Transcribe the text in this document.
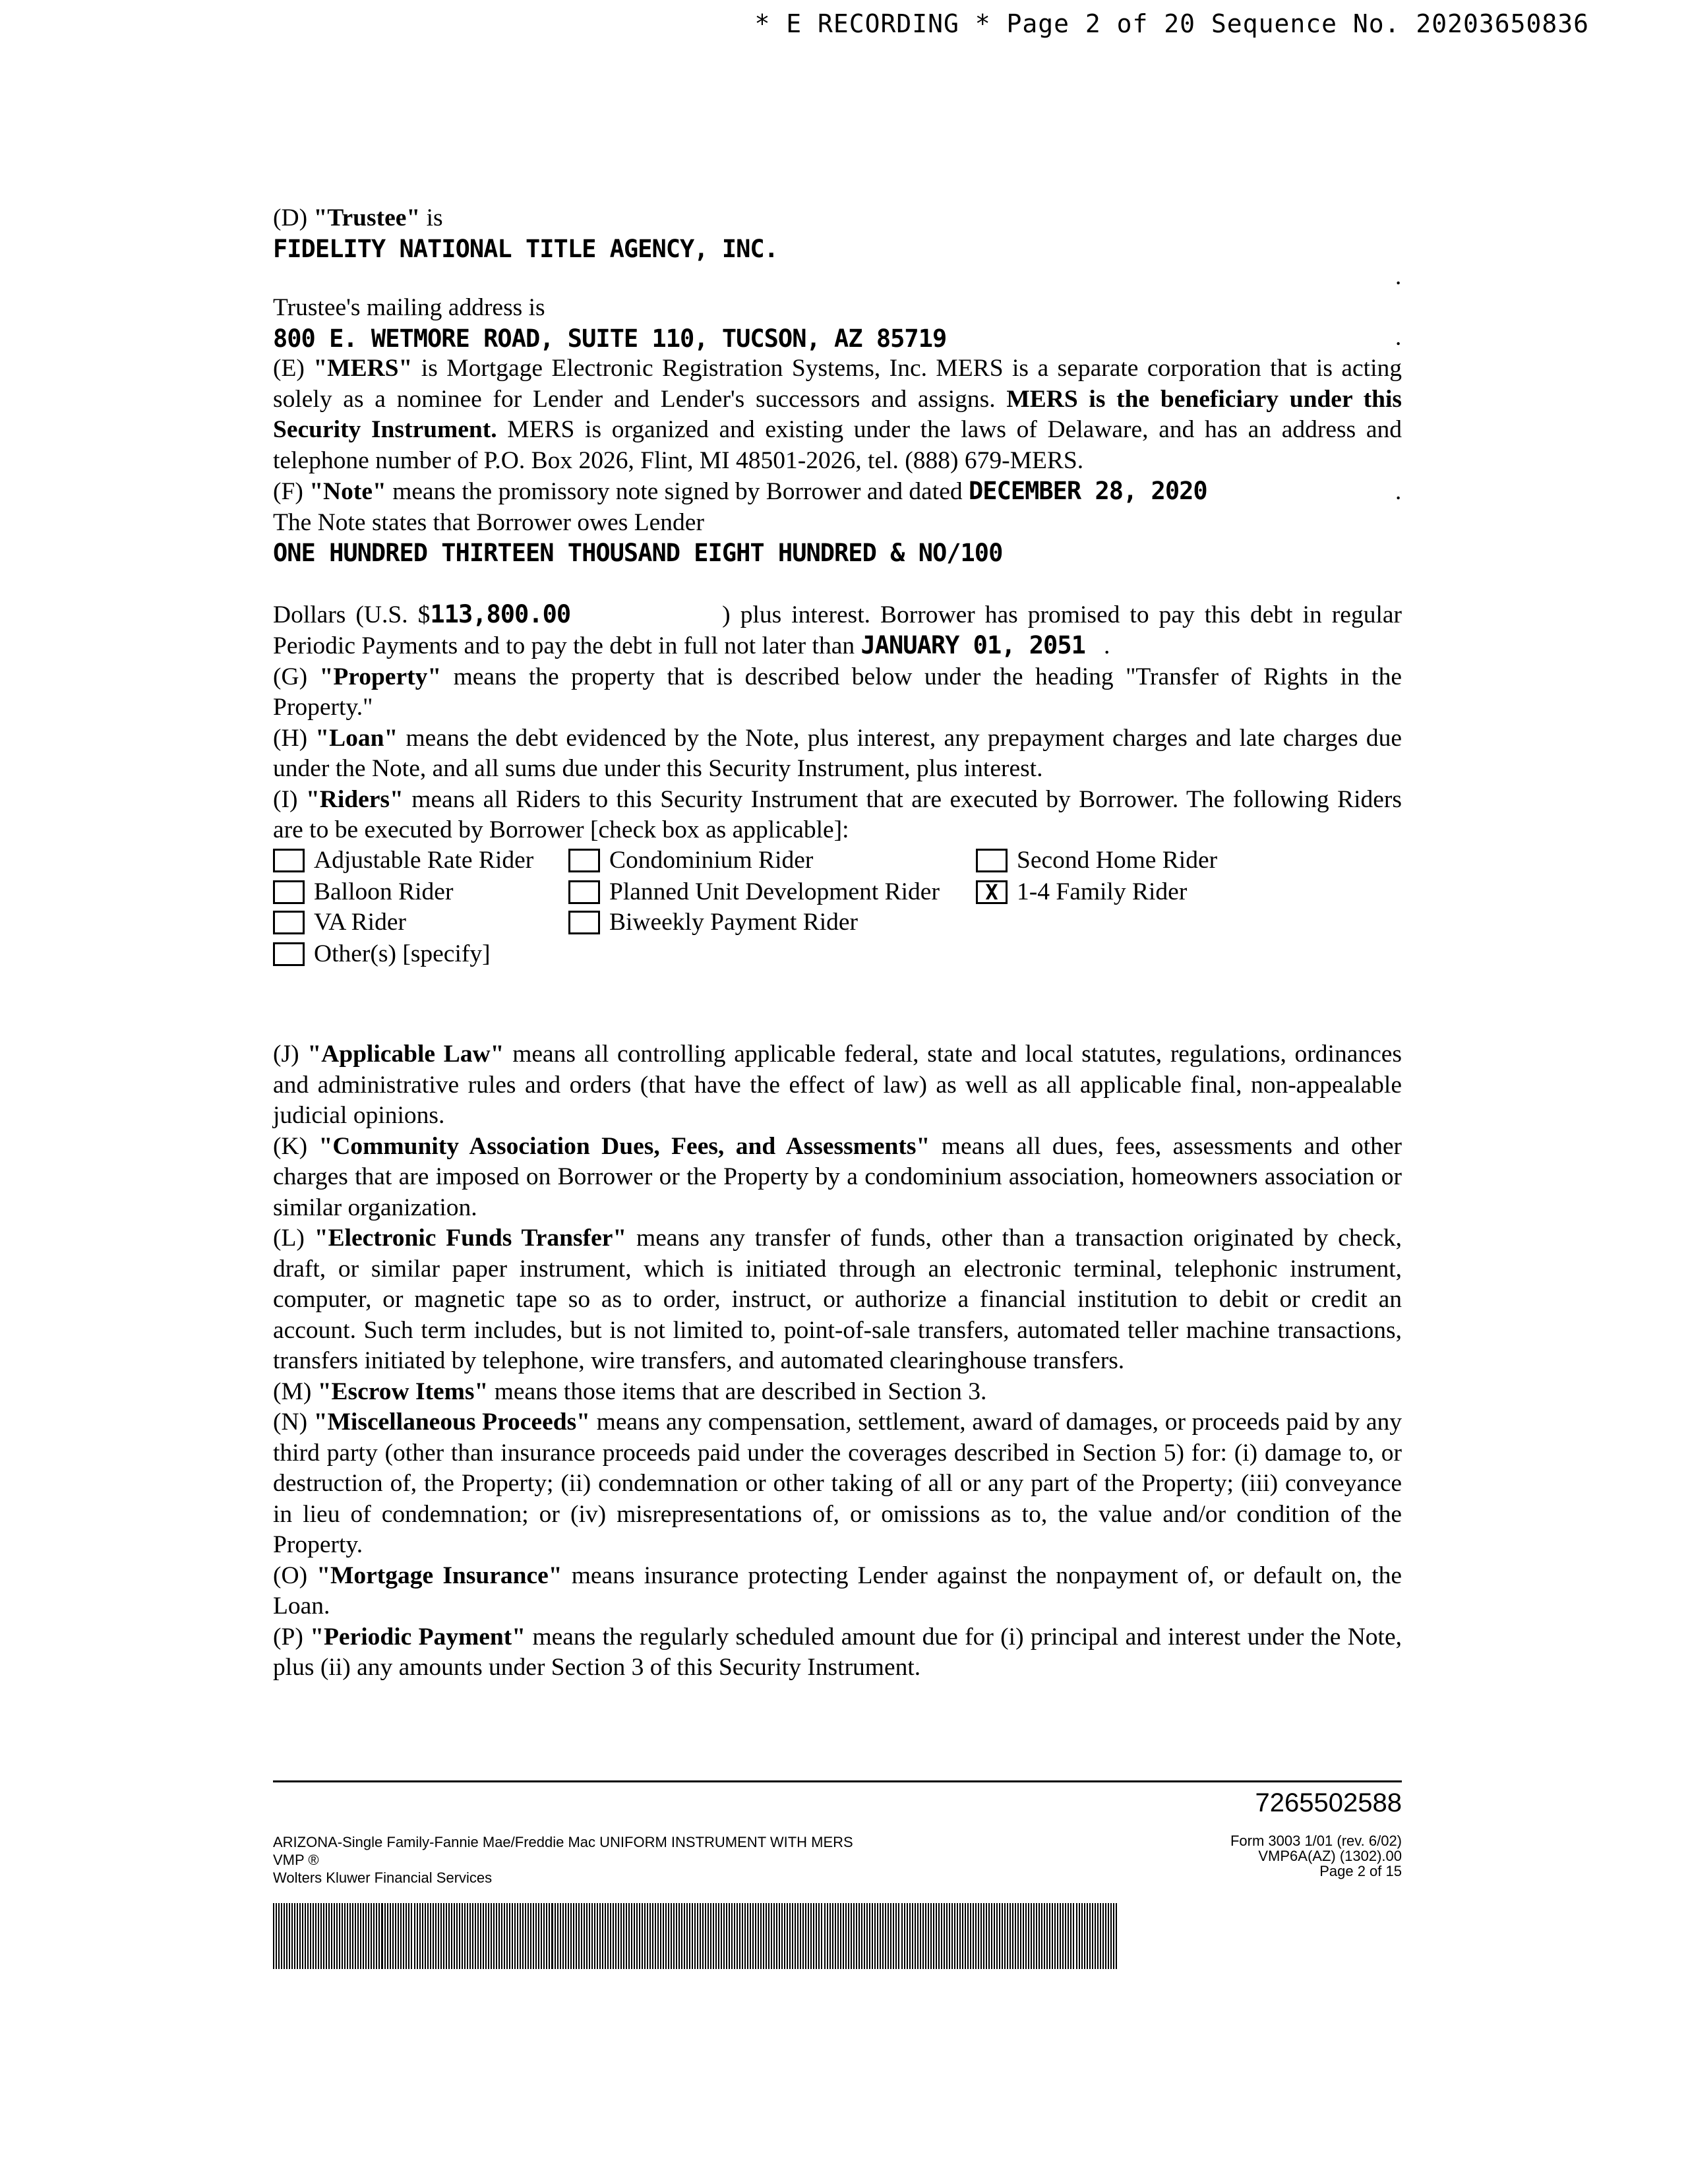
* E RECORDING * Page 2 of 20 Sequence No. 20203650836

(D) "Trustee" is

FIDELITY NATIONAL TITLE AGENCY, INC.

.

Trustee's mailing address is

800 E. WETMORE ROAD, SUITE 110, TUCSON, AZ 85719	.

(E) "MERS" is Mortgage Electronic Registration Systems, Inc. MERS is a separate corporation that is acting solely as a nominee for Lender and Lender's successors and assigns. MERS is the beneficiary under this Security Instrument. MERS is organized and existing under the laws of Delaware, and has an address and telephone number of P.O. Box 2026, Flint, MI 48501-2026, tel. (888) 679-MERS.

(F) "Note" means the promissory note signed by Borrower and dated DECEMBER 28, 2020

The Note states that Borrower owes Lender

ONE HUNDRED THIRTEEN THOUSAND EIGHT HUNDRED & NO/100

Dollars (U.S. $113,800.00	) plus interest. Borrower has promised to pay this debt in regular Periodic Payments and to pay the debt in full not later than JANUARY 01, 2051   .

(G) "Property" means the property that is described below under the heading "Transfer of Rights in the Property."

(H) "Loan" means the debt evidenced by the Note, plus interest, any prepayment charges and late charges due under the Note, and all sums due under this Security Instrument, plus interest.

(I) "Riders" means all Riders to this Security Instrument that are executed by Borrower. The following Riders are to be executed by Borrower [check box as applicable]:

.
Adjustable Rate Rider
Balloon Rider
VA Rider
Other(s) [specify]
Condominium Rider
Planned Unit Development Rider
Biweekly Payment Rider
Second Home Rider
X 1-4 Family Rider

(J) "Applicable Law" means all controlling applicable federal, state and local statutes, regulations, ordinances and administrative rules and orders (that have the effect of law) as well as all applicable final, non-appealable judicial opinions.

(K) "Community Association Dues, Fees, and Assessments" means all dues, fees, assessments and other charges that are imposed on Borrower or the Property by a condominium association, homeowners association or similar organization.

(L) "Electronic Funds Transfer" means any transfer of funds, other than a transaction originated by check, draft, or similar paper instrument, which is initiated through an electronic terminal, telephonic instrument, computer, or magnetic tape so as to order, instruct, or authorize a financial institution to debit or credit an account. Such term includes, but is not limited to, point-of-sale transfers, automated teller machine transactions, transfers initiated by telephone, wire transfers, and automated clearinghouse transfers.

(M) "Escrow Items" means those items that are described in Section 3.

(N) "Miscellaneous Proceeds" means any compensation, settlement, award of damages, or proceeds paid by any third party (other than insurance proceeds paid under the coverages described in Section 5) for: (i) damage to, or destruction of, the Property; (ii) condemnation or other taking of all or any part of the Property; (iii) conveyance in lieu of condemnation; or (iv) misrepresentations of, or omissions as to, the value and/or condition of the Property.

(O) "Mortgage Insurance" means insurance protecting Lender against the nonpayment of, or default on, the Loan.

(P) "Periodic Payment" means the regularly scheduled amount due for (i) principal and interest under the Note, plus (ii) any amounts under Section 3 of this Security Instrument.

7265502588
ARIZONA-Single Family-Fannie Mae/Freddie Mac UNIFORM INSTRUMENT WITH MERS
VMP ®
Wolters Kluwer Financial Services
Form 3003 1/01 (rev. 6/02)
VMP6A(AZ) (1302).00
Page 2 of 15
